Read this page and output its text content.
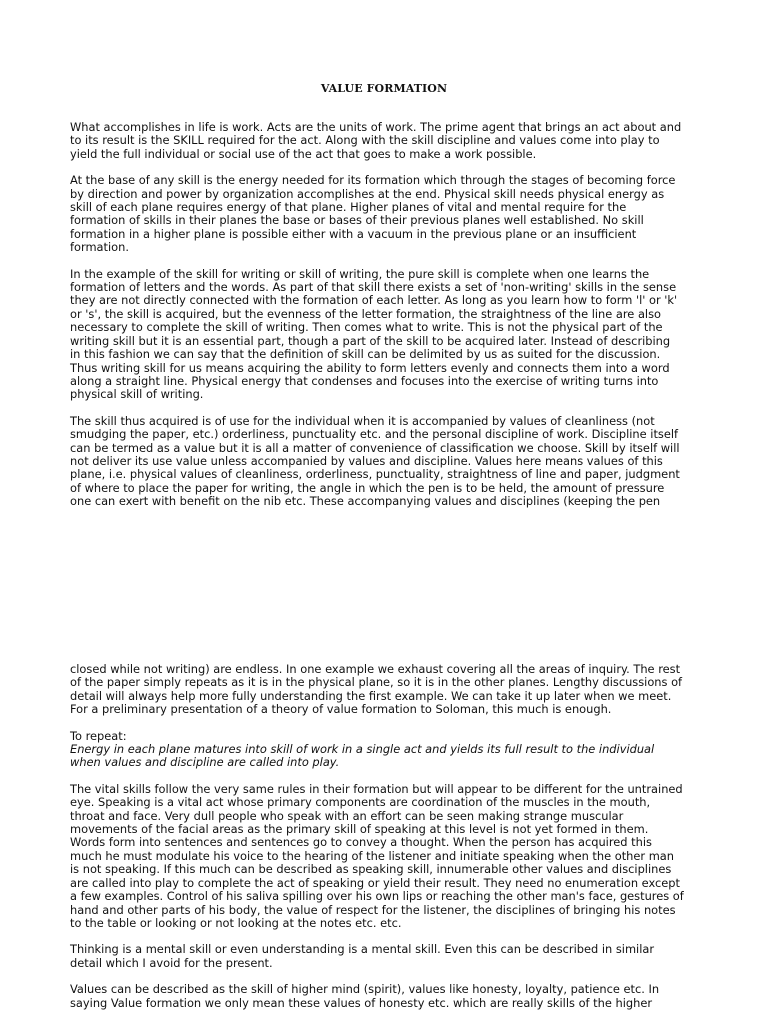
VALUE FORMATION
What accomplishes in life is work. Acts are the units of work. The prime agent that brings an act about and
to its result is the SKILL required for the act. Along with the skill discipline and values come into play to
yield the full individual or social use of the act that goes to make a work possible.
At the base of any skill is the energy needed for its formation which through the stages of becoming force
by direction and power by organization accomplishes at the end. Physical skill needs physical energy as
skill of each plane requires energy of that plane. Higher planes of vital and mental require for the
formation of skills in their planes the base or bases of their previous planes well established. No skill
formation in a higher plane is possible either with a vacuum in the previous plane or an insufficient
formation.
In the example of the skill for writing or skill of writing, the pure skill is complete when one learns the
formation of letters and the words. As part of that skill there exists a set of 'non-writing' skills in the sense
they are not directly connected with the formation of each letter. As long as you learn how to form 'l' or 'k'
or 's', the skill is acquired, but the evenness of the letter formation, the straightness of the line are also
necessary to complete the skill of writing. Then comes what to write. This is not the physical part of the
writing skill but it is an essential part, though a part of the skill to be acquired later. Instead of describing
in this fashion we can say that the definition of skill can be delimited by us as suited for the discussion.
Thus writing skill for us means acquiring the ability to form letters evenly and connects them into a word
along a straight line. Physical energy that condenses and focuses into the exercise of writing turns into
physical skill of writing.
The skill thus acquired is of use for the individual when it is accompanied by values of cleanliness (not
smudging the paper, etc.) orderliness, punctuality etc. and the personal discipline of work. Discipline itself
can be termed as a value but it is all a matter of convenience of classification we choose. Skill by itself will
not deliver its use value unless accompanied by values and discipline. Values here means values of this
plane, i.e. physical values of cleanliness, orderliness, punctuality, straightness of line and paper, judgment
of where to place the paper for writing, the angle in which the pen is to be held, the amount of pressure
one can exert with benefit on the nib etc. These accompanying values and disciplines (keeping the pen
closed while not writing) are endless. In one example we exhaust covering all the areas of inquiry. The rest
of the paper simply repeats as it is in the physical plane, so it is in the other planes. Lengthy discussions of
detail will always help more fully understanding the first example. We can take it up later when we meet.
For a preliminary presentation of a theory of value formation to Soloman, this much is enough.
To repeat:
Energy in each plane matures into skill of work in a single act and yields its full result to the individual
when values and discipline are called into play.
The vital skills follow the very same rules in their formation but will appear to be different for the untrained
eye. Speaking is a vital act whose primary components are coordination of the muscles in the mouth,
throat and face. Very dull people who speak with an effort can be seen making strange muscular
movements of the facial areas as the primary skill of speaking at this level is not yet formed in them.
Words form into sentences and sentences go to convey a thought. When the person has acquired this
much he must modulate his voice to the hearing of the listener and initiate speaking when the other man
is not speaking. If this much can be described as speaking skill, innumerable other values and disciplines
are called into play to complete the act of speaking or yield their result. They need no enumeration except
a few examples. Control of his saliva spilling over his own lips or reaching the other man's face, gestures of
hand and other parts of his body, the value of respect for the listener, the disciplines of bringing his notes
to the table or looking or not looking at the notes etc. etc.
Thinking is a mental skill or even understanding is a mental skill. Even this can be described in similar
detail which I avoid for the present.
Values can be described as the skill of higher mind (spirit), values like honesty, loyalty, patience etc. In
saying Value formation we only mean these values of honesty etc. which are really skills of the higher
